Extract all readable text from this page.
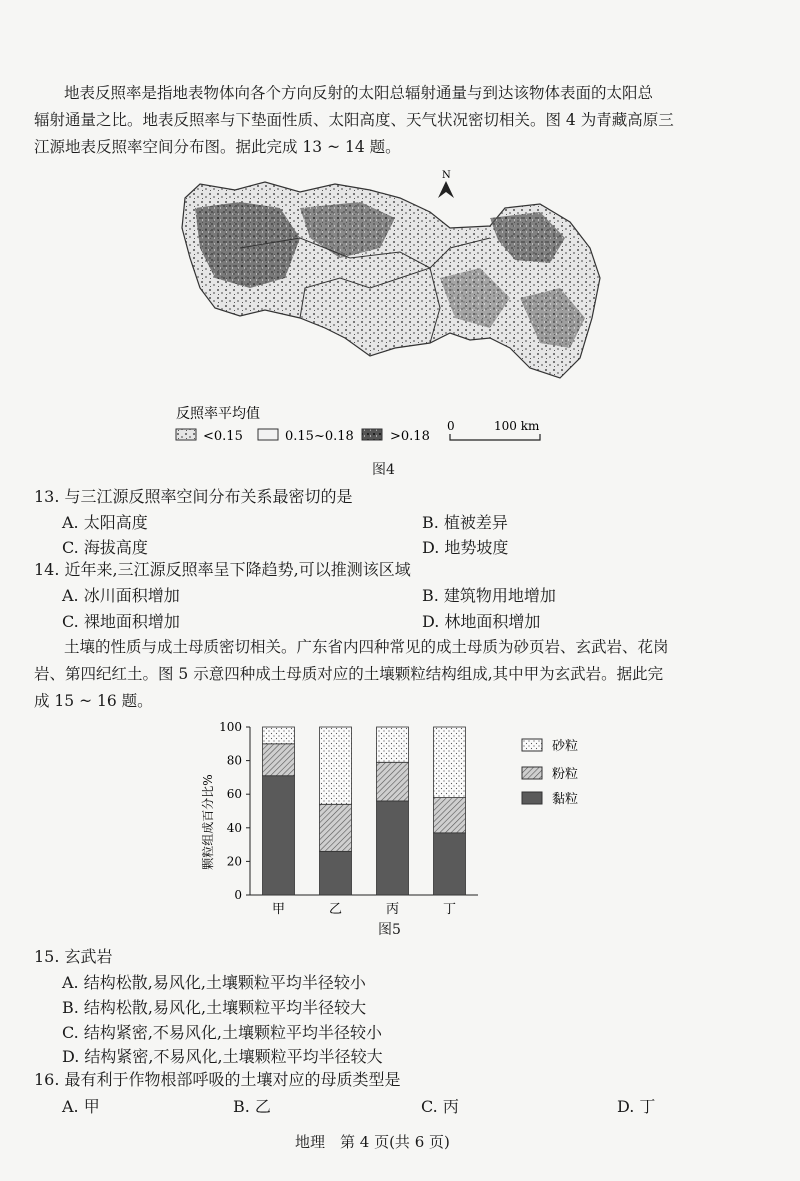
地表反照率是指地表物体向各个方向反射的太阳总辐射通量与到达该物体表面的太阳总
辐射通量之比。地表反照率与下垫面性质、太阳高度、天气状况密切相关。图 4 为青藏高原三
江源地表反照率空间分布图。据此完成 13 ~ 14 题。
N
反照率平均值
<0.15	0.15~0.18	>0.18
0	100 km
图4
13. 与三江源反照率空间分布关系最密切的是
A. 太阳高度	B. 植被差异
C. 海拔高度	D. 地势坡度
14. 近年来,三江源反照率呈下降趋势,可以推测该区域
A. 冰川面积增加	B. 建筑物用地增加
C. 裸地面积增加	D. 林地面积增加
土壤的性质与成土母质密切相关。广东省内四种常见的成土母质为砂页岩、玄武岩、花岗
岩、第四纪红土。图 5 示意四种成土母质对应的土壤颗粒结构组成,其中甲为玄武岩。据此完
成 15 ~ 16 题。
颗粒组成百分比%
0
20
40
60
80
100
甲	乙	丙	丁
砂粒
粉粒
黏粒
图5
15. 玄武岩
A. 结构松散,易风化,土壤颗粒平均半径较小
B. 结构松散,易风化,土壤颗粒平均半径较大
C. 结构紧密,不易风化,土壤颗粒平均半径较小
D. 结构紧密,不易风化,土壤颗粒平均半径较大
16. 最有利于作物根部呼吸的土壤对应的母质类型是
A. 甲	B. 乙	C. 丙	D. 丁
地理　第 4 页(共 6 页)
